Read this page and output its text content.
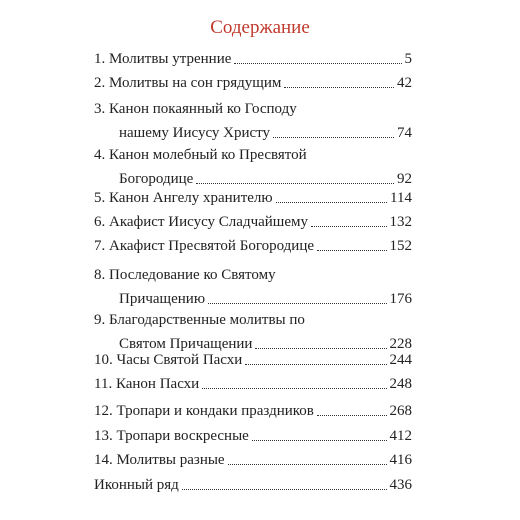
Содержание
1. Молитвы утренние	5
2. Молитвы на сон грядущим	42
3. Канон покаянный ко Господу
нашему Иисусу Христу	74
4. Канон молебный ко Пресвятой
Богородице	92
5. Канон Ангелу хранителю	114
6. Акафист Иисусу Сладчайшему	132
7. Акафист Пресвятой Богородице	152
8. Последование ко Святому
Причащению	176
9. Благодарственные молитвы по
Святом Причащении	228
10. Часы Святой Пасхи	244
11. Канон Пасхи	248
12. Тропари и кондаки праздников	268
13. Тропари воскресные	412
14. Молитвы разные	416
Иконный ряд	436
